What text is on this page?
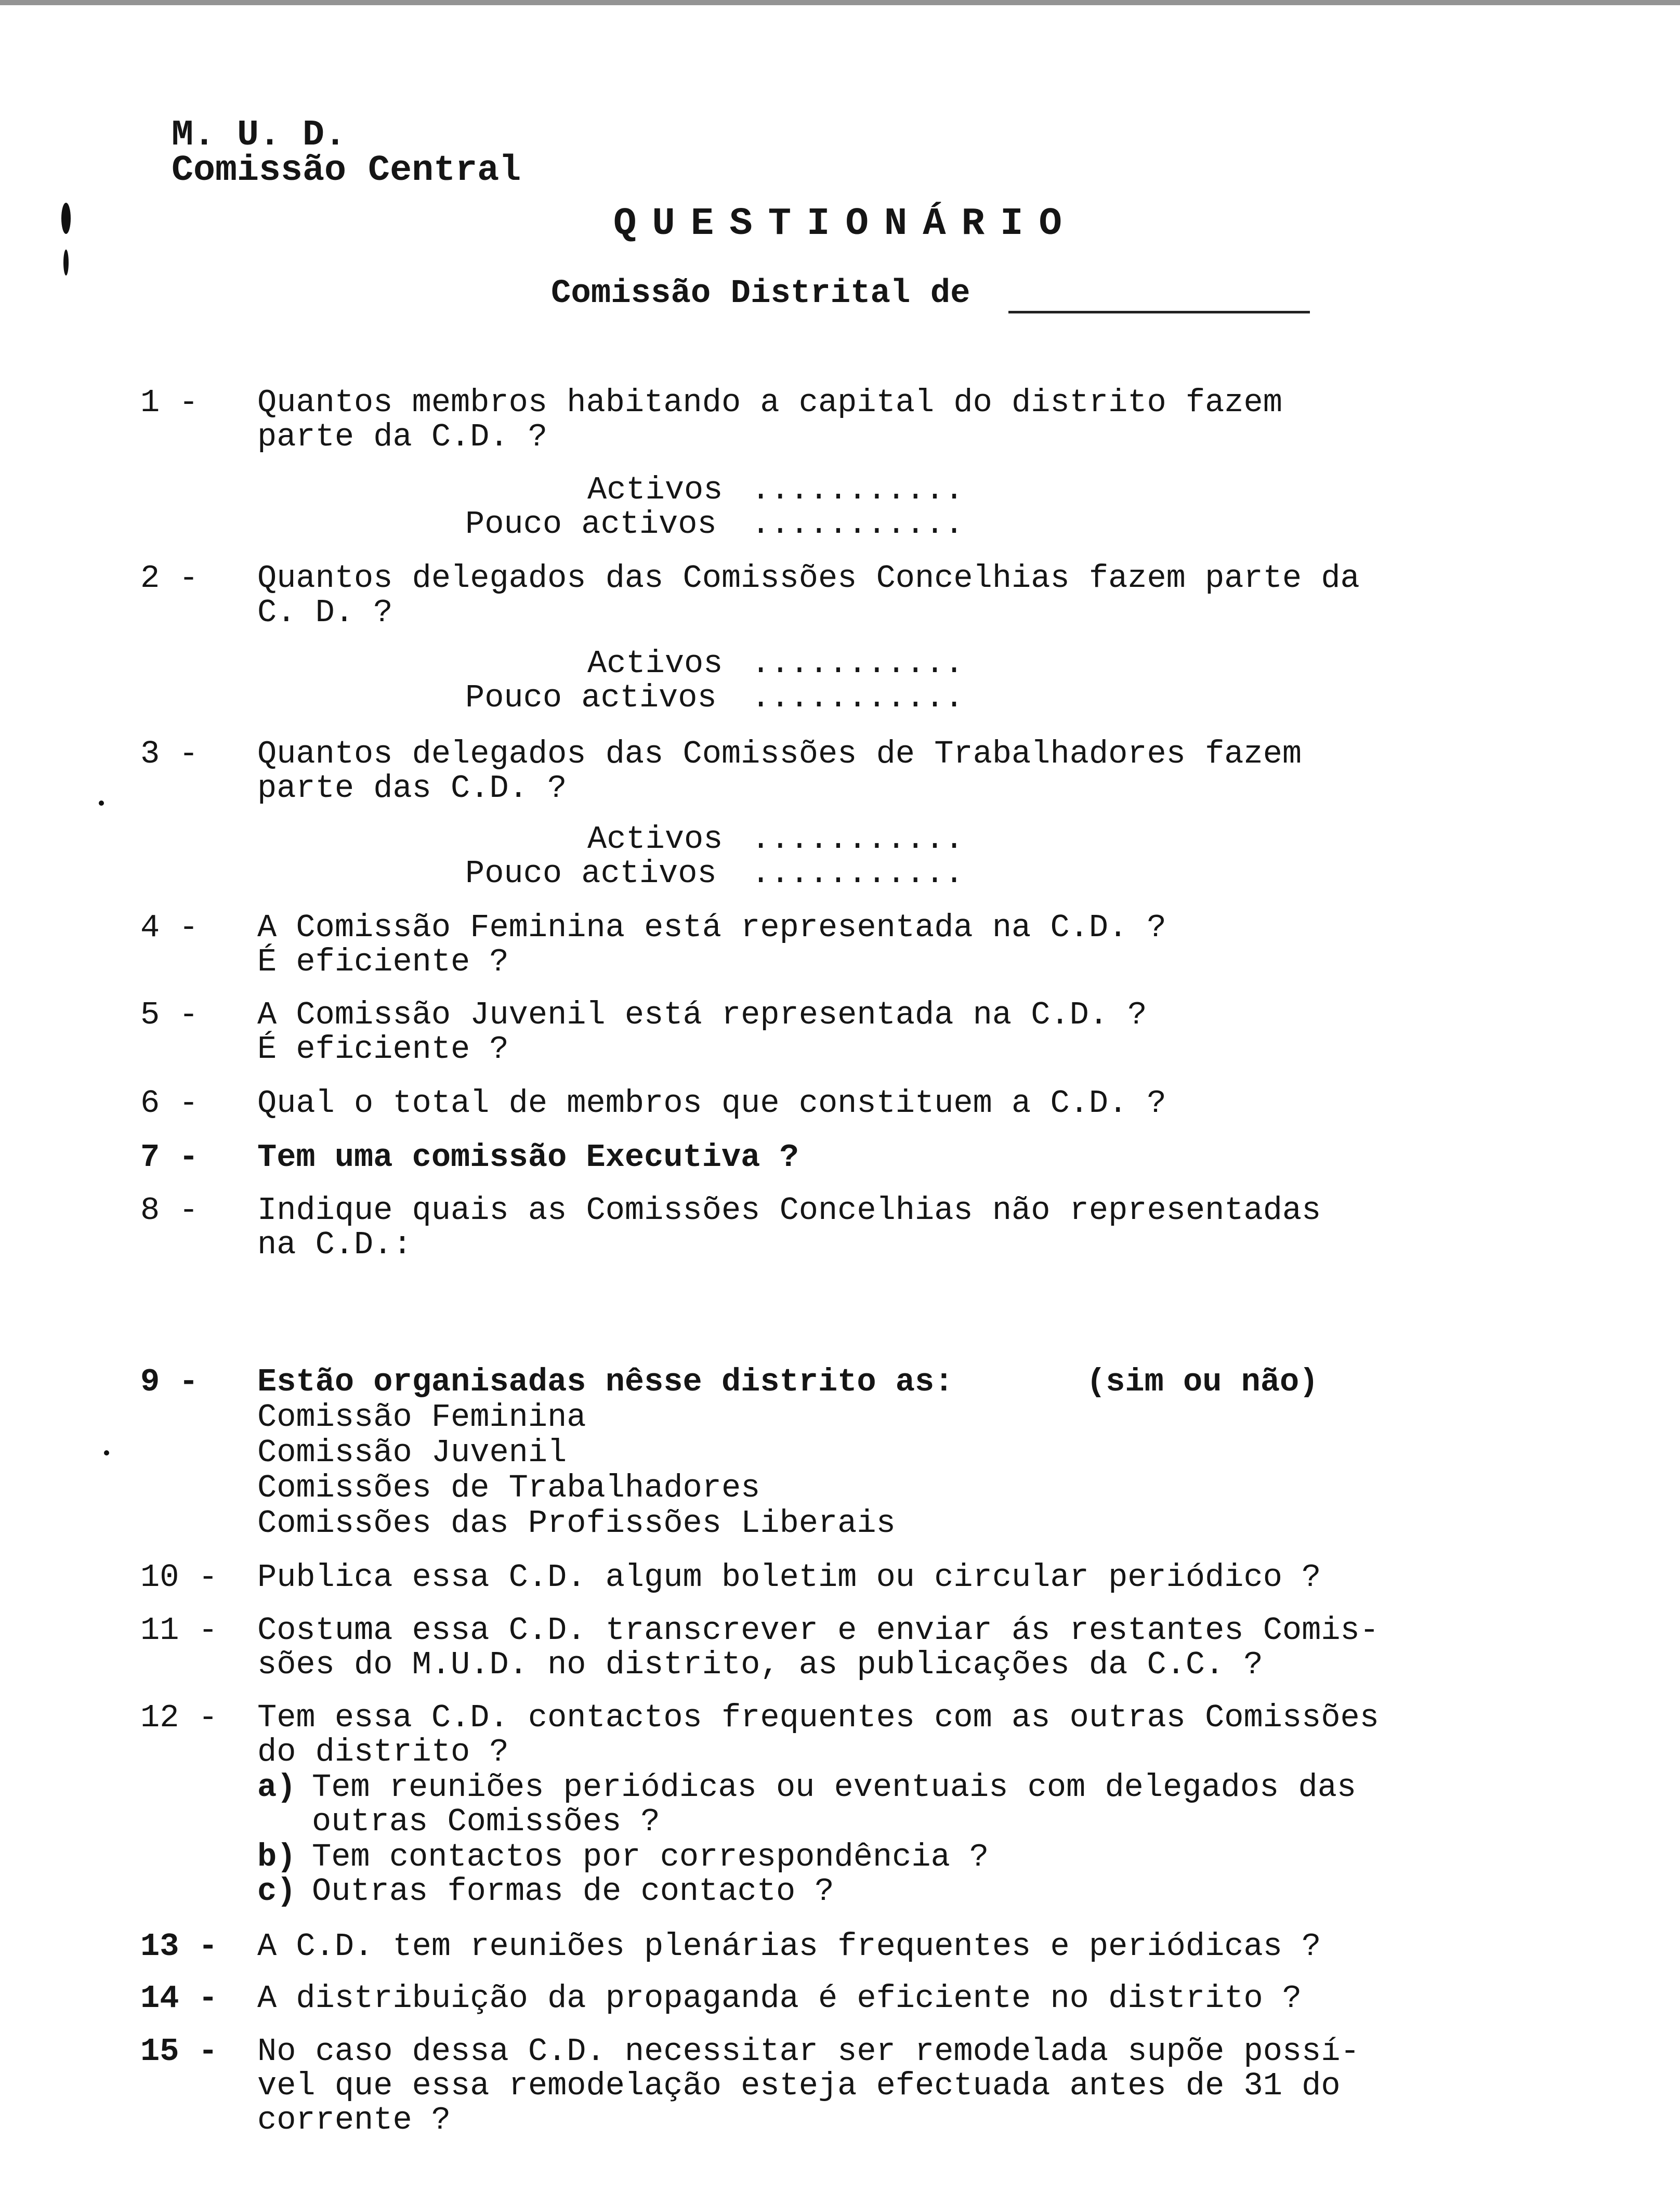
M. U. D.
Comissão Central
QUESTIONÁRIO
Comissão Distrital de
1 - Quantos membros habitando a capital do distrito fazem
parte da C.D. ?
Activos ...........
Pouco activos ...........
2 - Quantos delegados das Comissões Concelhias fazem parte da
C. D. ?
Activos ...........
Pouco activos ...........
3 - Quantos delegados das Comissões de Trabalhadores fazem
parte das C.D. ?
Activos ...........
Pouco activos ...........
4 - A Comissão Feminina está representada na C.D. ?
É eficiente ?
5 - A Comissão Juvenil está representada na C.D. ?
É eficiente ?
6 - Qual o total de membros que constituem a C.D. ?
7 - Tem uma comissão Executiva ?
8 - Indique quais as Comissões Concelhias não representadas
na C.D.:
9 - Estão organisadas nêsse distrito as:	(sim ou não)
Comissão Feminina
Comissão Juvenil
Comissões de Trabalhadores
Comissões das Profissões Liberais
10 - Publica essa C.D. algum boletim ou circular periódico ?
11 - Costuma essa C.D. transcrever e enviar ás restantes Comis-
sões do M.U.D. no distrito, as publicações da C.C. ?
12 - Tem essa C.D. contactos frequentes com as outras Comissões
do distrito ?
a) Tem reuniões periódicas ou eventuais com delegados das
outras Comissões ?
b) Tem contactos por correspondência ?
c) Outras formas de contacto ?
13 - A C.D. tem reuniões plenárias frequentes e periódicas ?
14 - A distribuição da propaganda é eficiente no distrito ?
15 - No caso dessa C.D. necessitar ser remodelada supõe possí-
vel que essa remodelação esteja efectuada antes de 31 do
corrente ?
